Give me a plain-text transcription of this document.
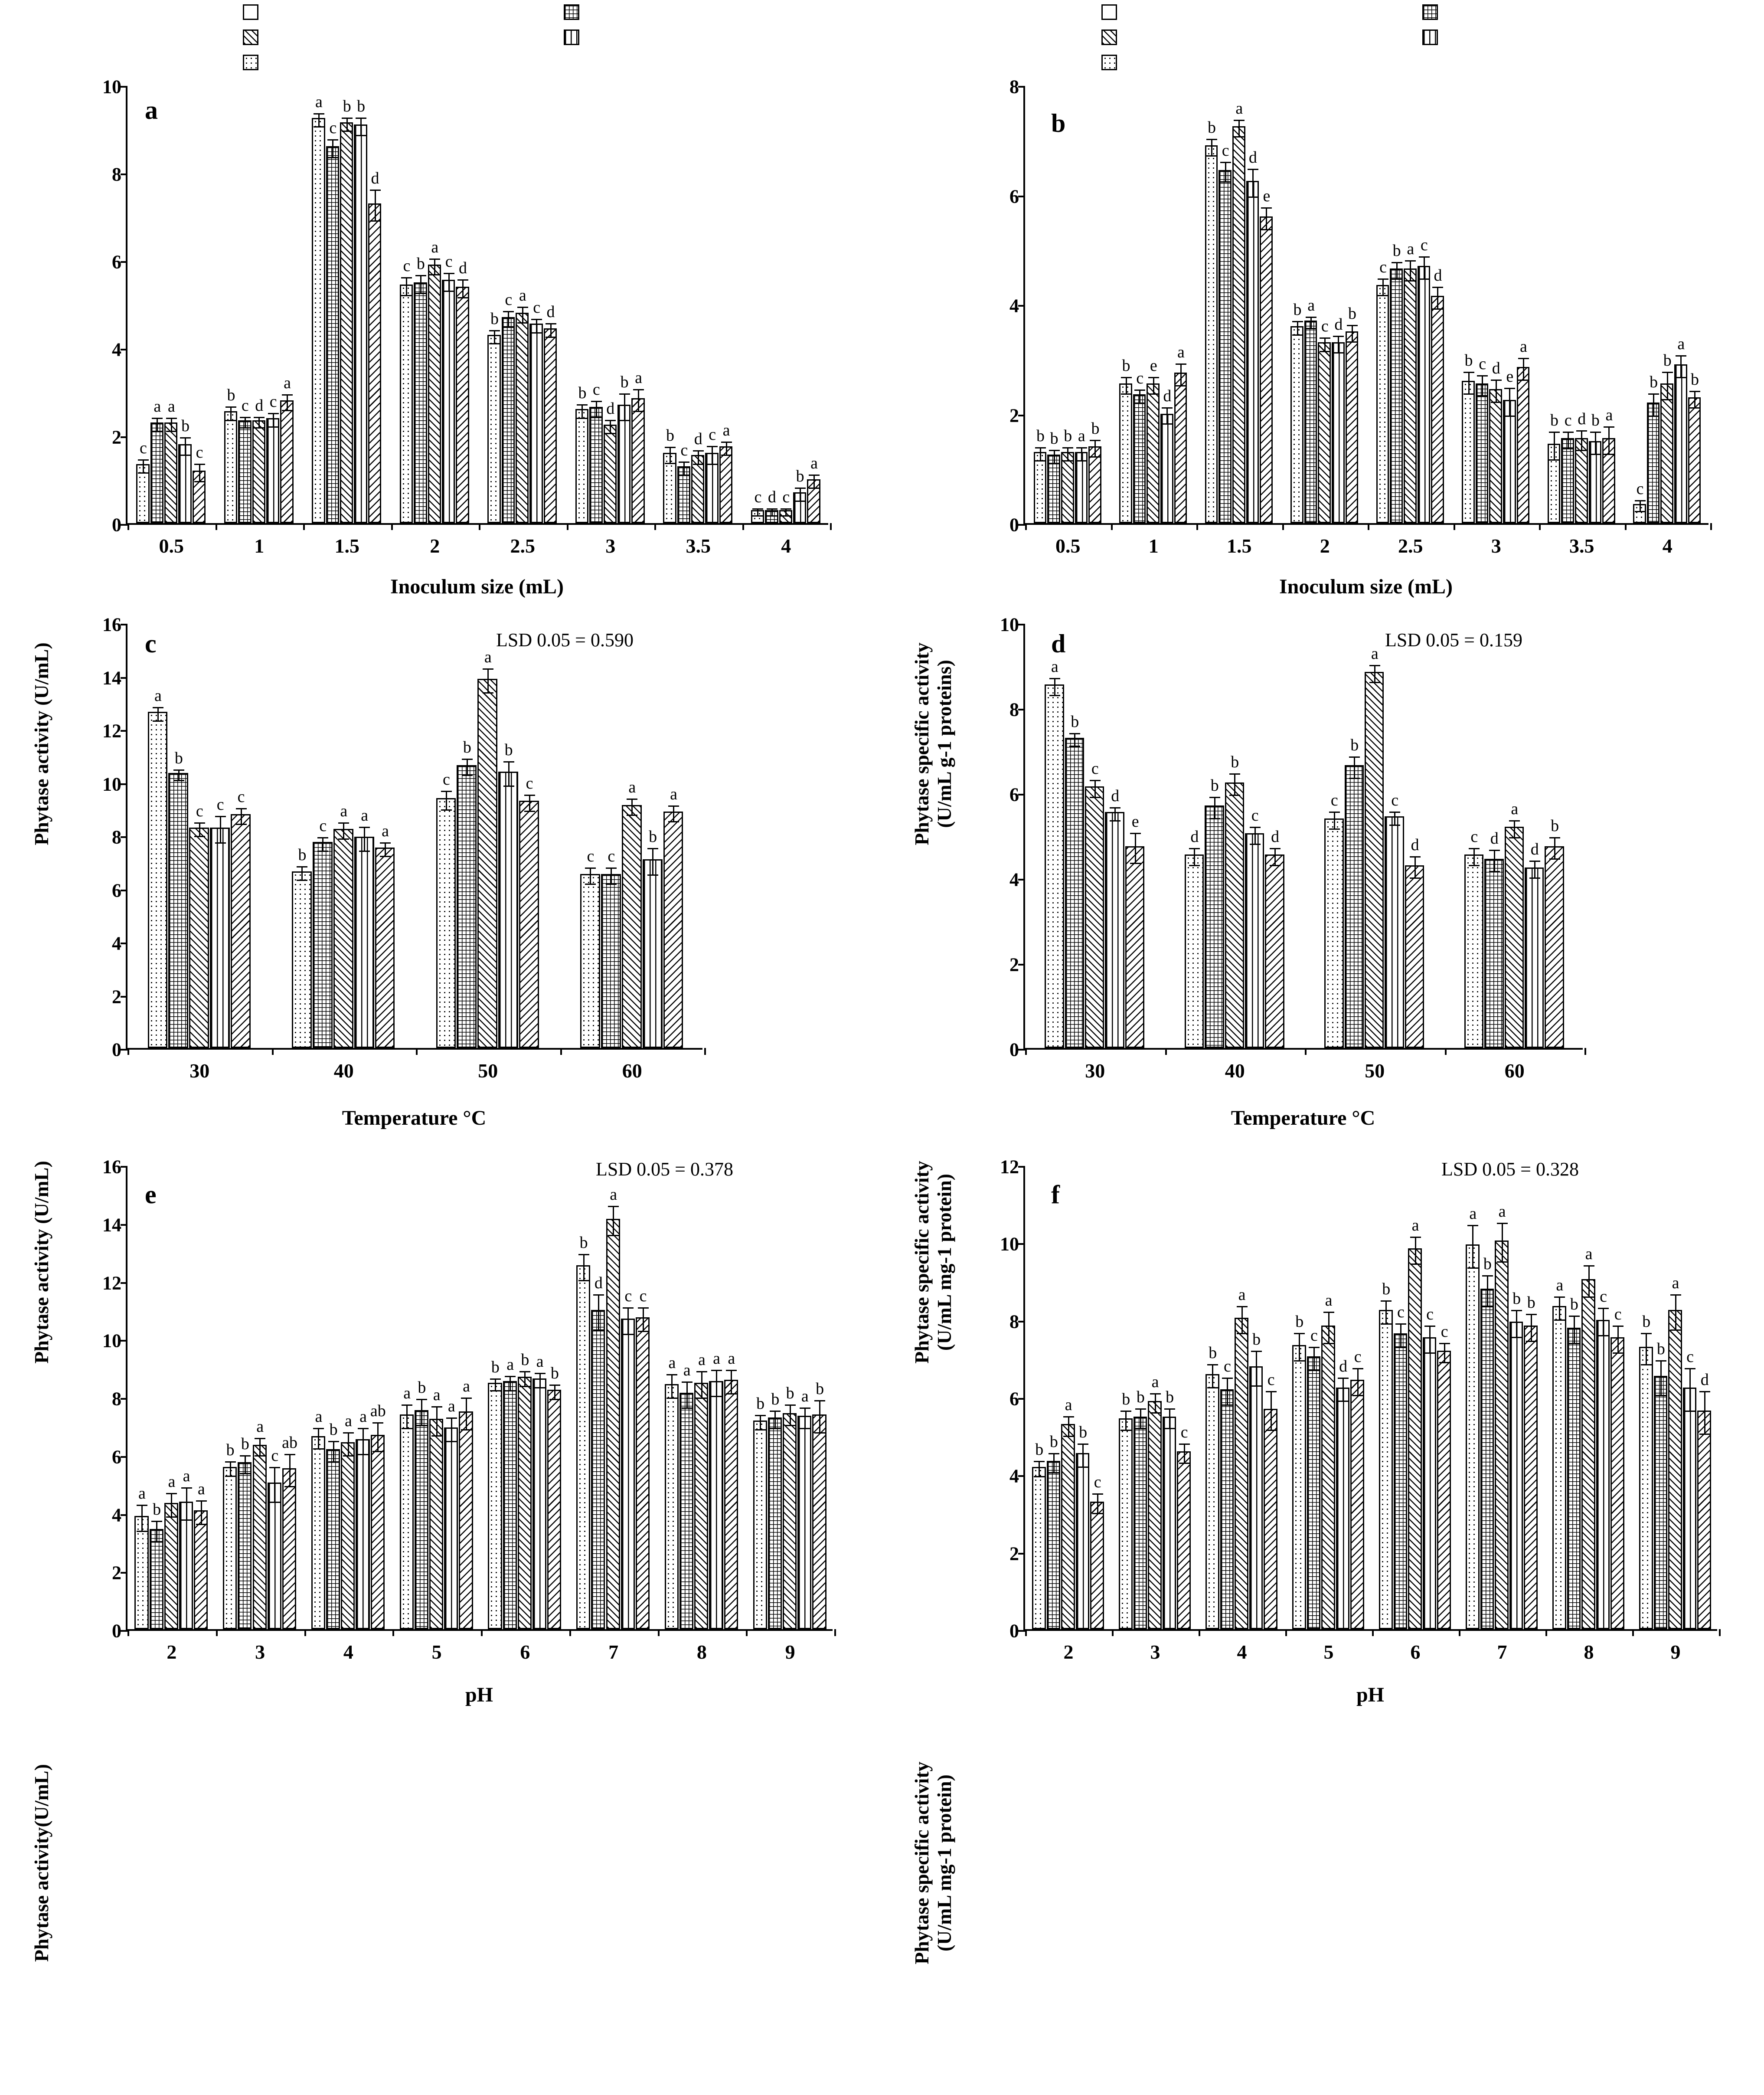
Phytase activity (U/mL)
0
2
4
6
8
10
c
a a
b
c
0.5
b
c d c
a
1
a
c
b b
d
1.5
c b
a
c d
2
b
c a
c d
2.5
b c
d
b a
3
b
c
d c a
3.5
c d c
b
a
4
a
Inoculum size (mL)
Phytase specific activity (U/mL g-1 proteins)
0
2
4
6
8
b b b a b
0.5
b
c
e
d
a
1
b
c
a
d
e
1.5
b a
c d
b
2
c
b a c
d
2.5
b c d e
a
3
b c d b a
3.5
c
b
b
a
b
4
b
Inoculum size (mL)
Phytase activity (U/mL)
0
2
4
6
8
10
12
14
16
a
b
c c c
30
b
c
a a
a
40
c
b
a
b
c
50
c c
a
b
a
60
LSD 0.05 = 0.590
c
Temperature °C
Phytase specific activity (U/mL mg-1 protein)
0
2
4
6
8
10
a
b
c
d
e
30
d
b
b
c
d
40
c
b
a
c
d
50
c d
a
d
b
60
LSD 0.05 = 0.159
d
Temperature °C
Phytase activity(U/mL)
0
2
4
6
8
10
12
14
16
a
b
a a
a
2
b b
a
c
ab
3
a
b a a ab
4
a b a
a
a
5
b a b a
b
6
b
d
a
c c
7
a a
a a a
8
b b b a b
9
LSD 0.05 = 0.378
e
pH
Phytase specific activity (U/mL mg-1 protein)
0
2
4
6
8
10
12
b b
a
b
c
2
b b
a
b
c
3
b
c
a
b
c
4
b
c
a
d
c
5
b
c
a
c
c
6
a
b
a
b b
7
a
b
a
c
c
8
b
b
a
c
d
9
LSD 0.05 = 0.328
f
pH
